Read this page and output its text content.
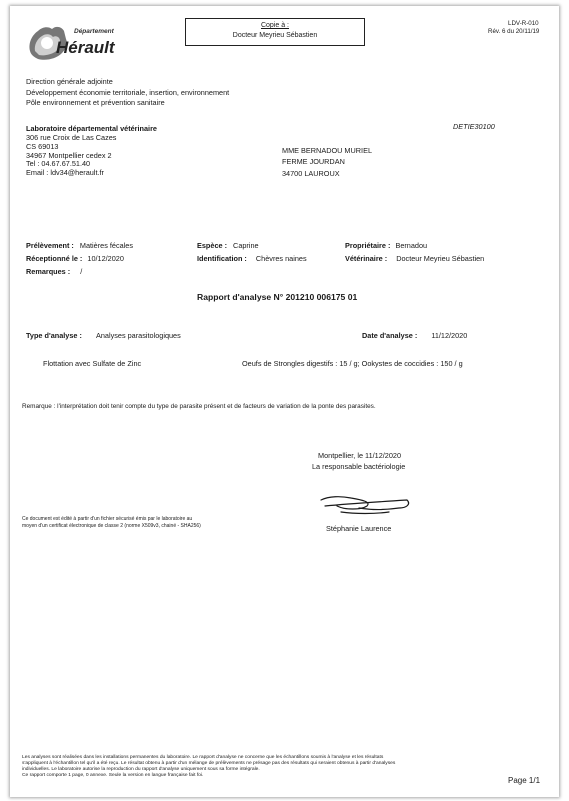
Département
Hérault
Copie à :
Docteur Meyrieu Sébastien
LDV-R-010
Rév. 6 du 20/11/19
Direction générale adjointe
Développement économie territoriale, insertion, environnement
Pôle environnement et prévention sanitaire
Laboratoire départemental vétérinaire
306 rue Croix de Las Cazes
CS 69013
34967 Montpellier cedex 2
Tel : 04.67.67.51.40
Email : ldv34@herault.fr
DETIE30100
MME BERNADOU MURIEL
FERME JOURDAN
34700 LAUROUX
Prélèvement : Matières fécales	Espèce : Caprine	Propriétaire : Bernadou
Réceptionné le : 10/12/2020	Identification : Chèvres naines	Vétérinaire : Docteur Meyrieu Sébastien
Remarques : /
Rapport d'analyse N° 201210 006175 01
Type d'analyse : Analyses parasitologiques	Date d'analyse : 11/12/2020
Flottation avec Sulfate de Zinc	Oeufs de Strongles digestifs : 15 / g; Ookystes de coccidies : 150 / g
Remarque : l'interprétation doit tenir compte du type de parasite présent et de facteurs de variation de la ponte des parasites.
Montpellier, le 11/12/2020
La responsable bactériologie
Stéphanie Laurence
Ce document est édité à partir d'un fichier sécurisé émis par le laboratoire au
moyen d'un certificat électronique de classe 2 (norme X509v3, chainé - SHA256)
Les analyses sont réalisées dans les installations permanentes du laboratoire. Le rapport d'analyse ne concerne que les échantillons soumis à l'analyse et les résultats
s'appliquent à l'échantillon tel qu'il a été reçu. Le résultat obtenu à partir d'un mélange de prélèvements ne présage pas des résultats qui seraient obtenus à partir d'analyses
individuelles. Le laboratoire autorise la reproduction du rapport d'analyse uniquement sous sa forme intégrale.
Ce rapport comporte 1 page, 0 annexe. Seule la version en langue française fait foi.
Page 1/1
